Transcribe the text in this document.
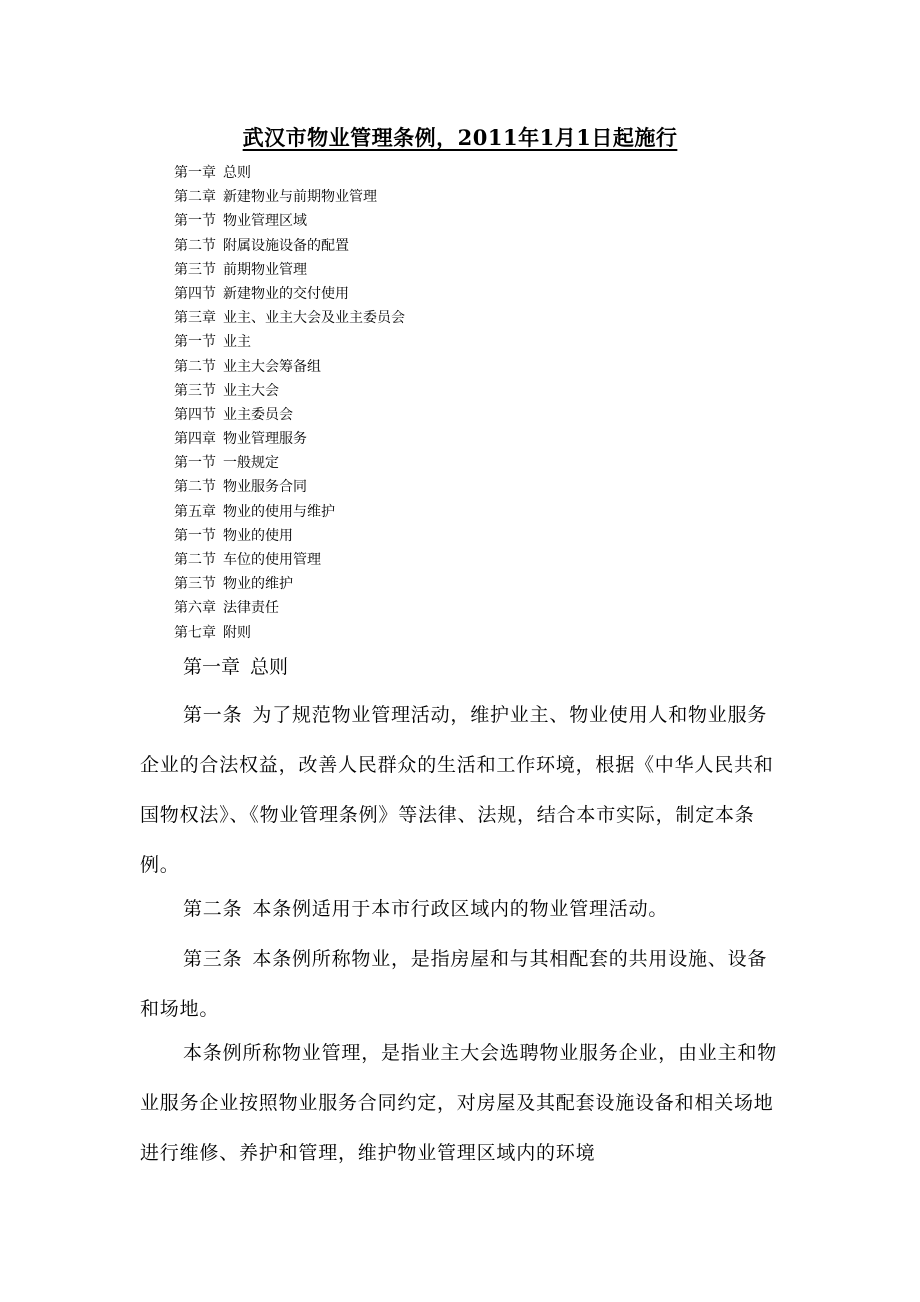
武汉市物业管理条例，2011年1月1日起施行
第一章 总则
第二章 新建物业与前期物业管理
第一节 物业管理区域
第二节 附属设施设备的配置
第三节 前期物业管理
第四节 新建物业的交付使用
第三章 业主、业主大会及业主委员会
第一节 业主
第二节 业主大会筹备组
第三节 业主大会
第四节 业主委员会
第四章 物业管理服务
第一节 一般规定
第二节 物业服务合同
第五章 物业的使用与维护
第一节 物业的使用
第二节 车位的使用管理
第三节 物业的维护
第六章 法律责任
第七章 附则
第一章 总则

第一条 为了规范物业管理活动，维护业主、物业使用人和物业服务企业的合法权益，改善人民群众的生活和工作环境，根据《中华人民共和国物权法》、《物业管理条例》等法律、法规，结合本市实际，制定本条例。

第二条 本条例适用于本市行政区域内的物业管理活动。

第三条 本条例所称物业，是指房屋和与其相配套的共用设施、设备和场地。

本条例所称物业管理，是指业主大会选聘物业服务企业，由业主和物业服务企业按照物业服务合同约定，对房屋及其配套设施设备和相关场地进行维修、养护和管理，维护物业管理区域内的环境
